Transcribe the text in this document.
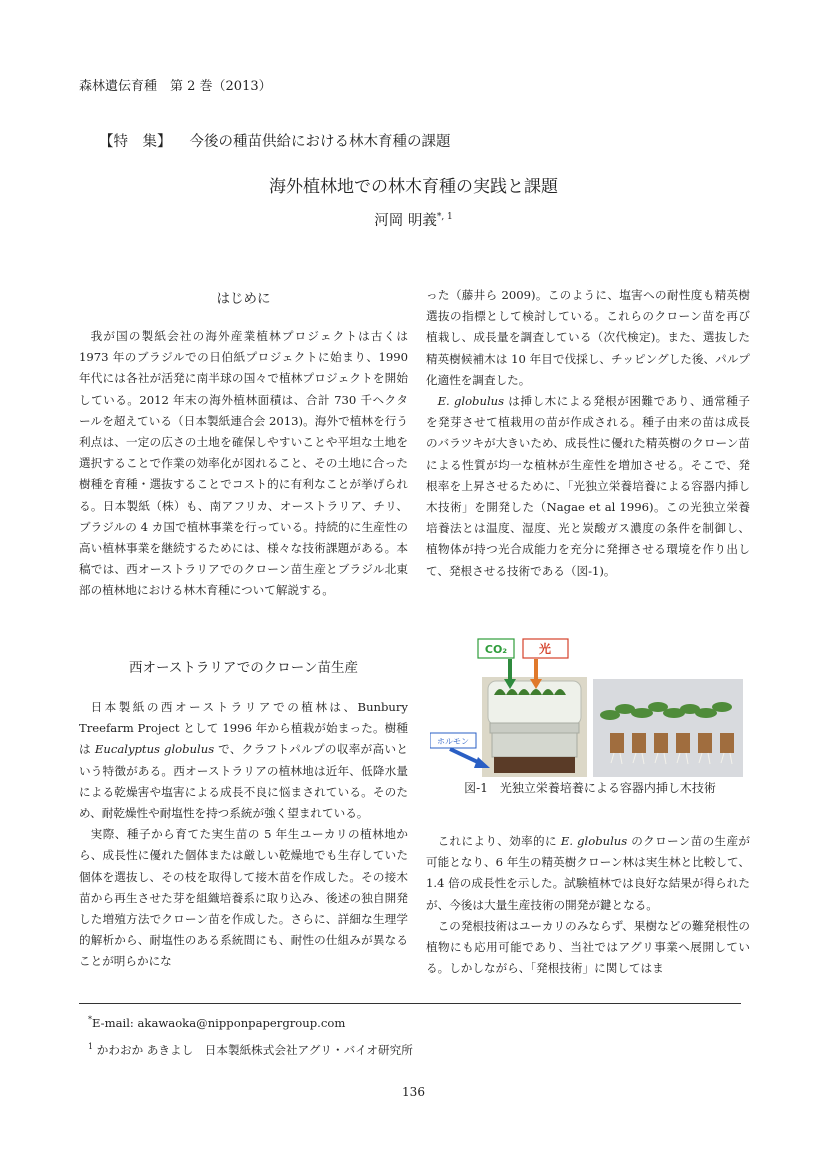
森林遺伝育種　第 2 巻（2013）
【特　集】 今後の種苗供給における林木育種の課題
海外植林地での林木育種の実践と課題
河岡 明義$^{*, 1}$
はじめに

我が国の製紙会社の海外産業植林プロジェクトは古くは 1973 年のブラジルでの日伯紙プロジェクトに始まり、1990 年代には各社が活発に南半球の国々で植林プロジェクトを開始している。2012 年末の海外植林面積は、合計 730 千ヘクタールを超えている（日本製紙連合会 2013)。海外で植林を行う利点は、一定の広さの土地を確保しやすいことや平坦な土地を選択することで作業の効率化が図れること、その土地に合った樹種を育種・選抜することでコスト的に有利なことが挙げられる。日本製紙（株）も、南アフリカ、オーストラリア、チリ、ブラジルの 4 カ国で植林事業を行っている。持続的に生産性の高い植林事業を継続するためには、様々な技術課題がある。本稿では、西オーストラリアでのクローン苗生産とブラジル北東部の植林地における林木育種について解説する。

西オーストラリアでのクローン苗生産

日本製紙の西オーストラリアでの植林は、Bunbury Treefarm Project として 1996 年から植栽が始まった。樹種は Eucalyptus globulus で、クラフトパルプの収率が高いという特徴がある。西オーストラリアの植林地は近年、低降水量による乾燥害や塩害による成長不良に悩まされている。そのため、耐乾燥性や耐塩性を持つ系統が強く望まれている。

実際、種子から育てた実生苗の 5 年生ユーカリの植林地から、成長性に優れた個体または厳しい乾燥地でも生存していた個体を選抜し、その枝を取得して接木苗を作成した。その接木苗から再生させた芽を組織培養系に取り込み、後述の独自開発した増殖方法でクローン苗を作成した。さらに、詳細な生理学的解析から、耐塩性のある系統間にも、耐性の仕組みが異なることが明らかにな

った（藤井ら 2009)。このように、塩害への耐性度も精英樹選抜の指標として検討している。これらのクローン苗を再び植栽し、成長量を調査している（次代検定)。また、選抜した精英樹候補木は 10 年目で伐採し、チッピングした後、パルプ化適性を調査した。

E. globulus は挿し木による発根が困難であり、通常種子を発芽させて植栽用の苗が作成される。種子由来の苗は成長のバラツキが大きいため、成長性に優れた精英樹のクローン苗による性質が均一な植林が生産性を増加させる。そこで、発根率を上昇させるために、「光独立栄養培養による容器内挿し木技術」を開発した（Nagae et al 1996)。この光独立栄養培養法とは温度、湿度、光と炭酸ガス濃度の条件を制御し、植物体が持つ光合成能力を充分に発揮させる環境を作り出して、発根させる技術である（図-1)。

CO₂	光
ホルモン
図-1　光独立栄養培養による容器内挿し木技術

これにより、効率的に E. globulus のクローン苗の生産が可能となり、6 年生の精英樹クローン林は実生林と比較して、1.4 倍の成長性を示した。試験植林では良好な結果が得られたが、今後は大量生産技術の開発が鍵となる。

この発根技術はユーカリのみならず、果樹などの難発根性の植物にも応用可能であり、当社ではアグリ事業へ展開している。しかしながら、「発根技術」に関してはま

*E-mail: akawaoka@nipponpapergroup.com
$^1$ かわおか あきよし　日本製紙株式会社アグリ・バイオ研究所
136
